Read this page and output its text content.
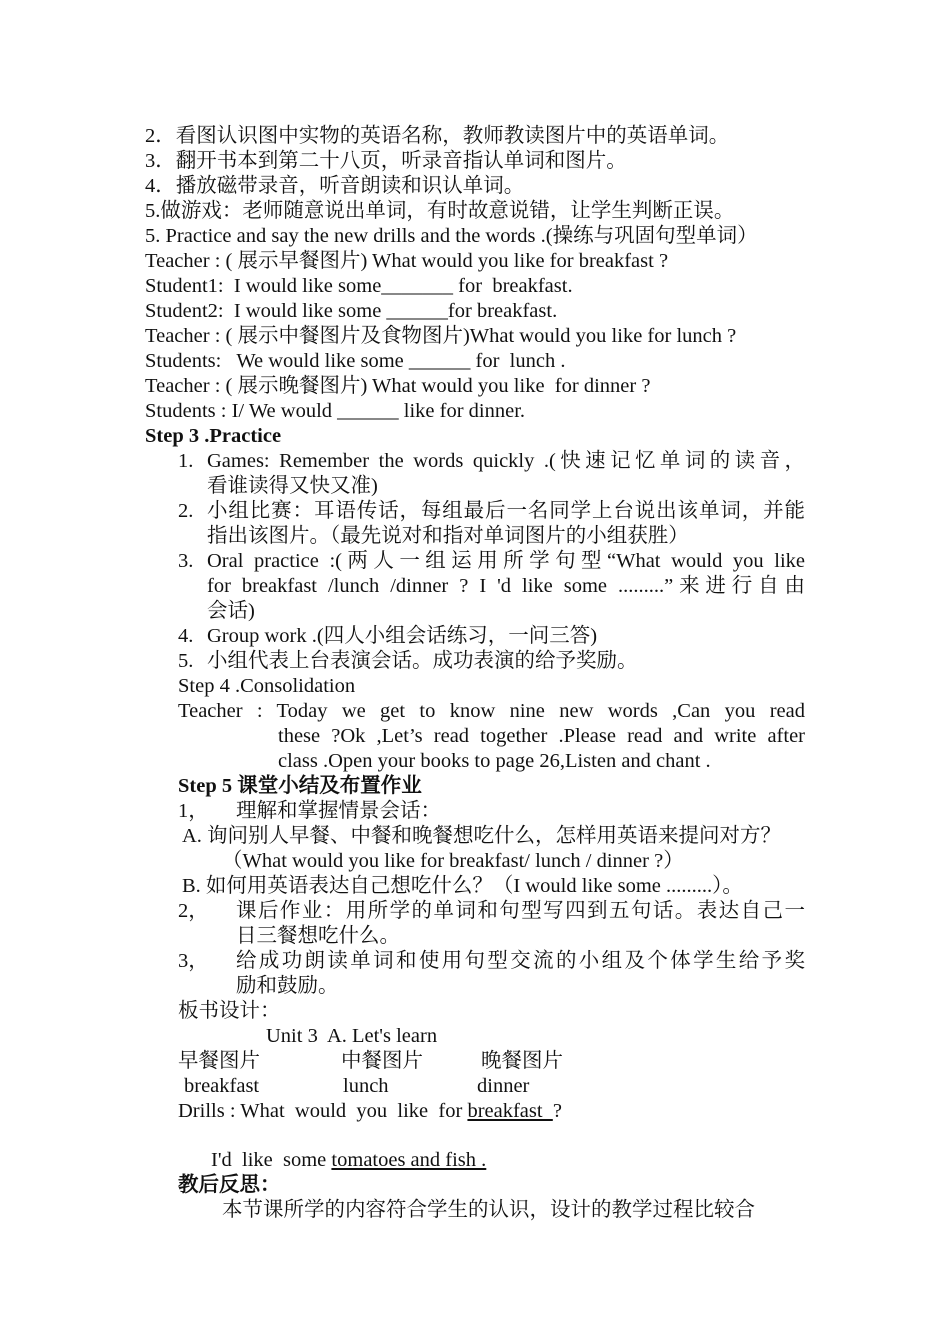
2．看图认识图中实物的英语名称，教师教读图片中的英语单词。
3．翻开书本到第二十八页，听录音指认单词和图片。
4．播放磁带录音，听音朗读和识认单词。
5.做游戏：老师随意说出单词，有时故意说错，让学生判断正误。
5. Practice and say the new drills and the words .(操练与巩固句型单词）
Teacher : ( 展示早餐图片) What would you like for breakfast ?
Student1:  I would like some_______ for  breakfast.
Student2:  I would like some ______for breakfast.
Teacher : ( 展示中餐图片及食物图片)What would you like for lunch ?
Students:   We would like some ______ for  lunch .
Teacher : ( 展示晚餐图片) What would you like  for dinner ?
Students : I/ We would ______ like for dinner.
Step 3 .Practice
1. Games: Remember the words quickly .(快速记忆单词的读音，
看谁读得又快又准)
2. 小组比赛：耳语传话，每组最后一名同学上台说出该单词，并能
指出该图片。（最先说对和指对单词图片的小组获胜）
3. Oral practice :(两人一组运用所学句型“What would you like
for breakfast /lunch /dinner ? I 'd like some .........”来进行自由
会话)
4. Group work .(四人小组会话练习，一问三答)
5. 小组代表上台表演会话。成功表演的给予奖励。
Step 4 .Consolidation
Teacher : Today we get to know nine new words ,Can you read
these ?Ok ,Let’s read together .Please read and write after
class .Open your books to page 26,Listen and chant .
Step 5 课堂小结及布置作业
1， 理解和掌握情景会话：
A. 询问别人早餐、中餐和晚餐想吃什么，怎样用英语来提问对方？
（What would you like for breakfast/ lunch / dinner ?）
B. 如何用英语表达自己想吃什么？（I would like some .........）。
2， 课后作业：用所学的单词和句型写四到五句话。表达自己一
日三餐想吃什么。
3， 给成功朗读单词和使用句型交流的小组及个体学生给予奖
励和鼓励。
板书设计：
Unit 3  A. Let's learn
早餐图片	中餐图片	晚餐图片
breakfast	lunch	dinner
Drills : What  would  you  like  for breakfast  ?
I'd  like  some tomatoes and fish .
教后反思：
本节课所学的内容符合学生的认识，设计的教学过程比较合
